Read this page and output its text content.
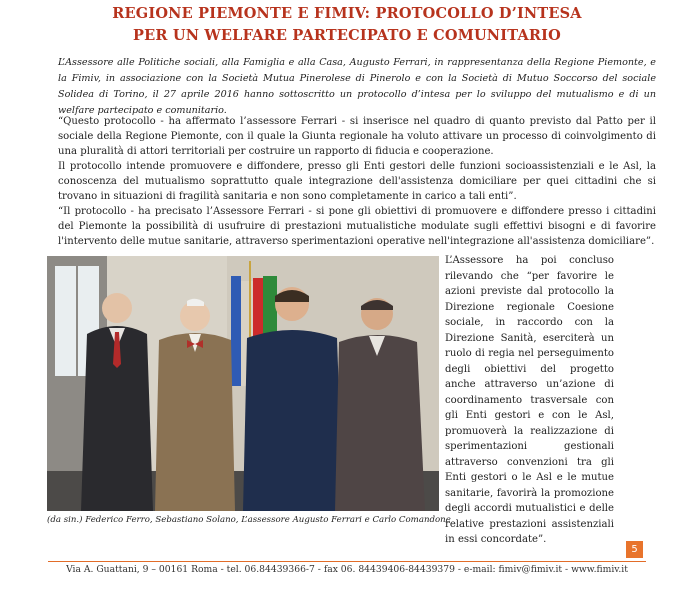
REGIONE PIEMONTE E FIMIV: PROTOCOLLO D’INTESA
PER UN WELFARE PARTECIPATO E COMUNITARIO
L’Assessore alle Politiche sociali, alla Famiglia e alla Casa, Augusto Ferrari, in rappresentanza della Regione Piemonte, e la Fimiv, in associazione con la Società Mutua Pinerolese di Pinerolo e con la Società di Mutuo Soccorso del sociale Solidea di Torino, il 27 aprile 2016 hanno sottoscritto un protocollo d’intesa per lo sviluppo del mutualismo e di un welfare partecipato e comunitario.

“Questo protocollo - ha affermato l’assessore Ferrari - si inserisce nel quadro di quanto previsto dal Patto per il sociale della Regione Piemonte, con il quale la Giunta regionale ha voluto attivare un processo di coinvolgimento di una pluralità di attori territoriali per costruire un rapporto di fiducia e cooperazione.

Il protocollo intende promuovere e diffondere, presso gli Enti gestori delle funzioni socioassistenziali e le Asl, la conoscenza del mutualismo soprattutto quale integrazione dell'assistenza domiciliare per quei cittadini che si trovano in situazioni di fragilità sanitaria e non sono completamente in carico a tali enti”.

“Il protocollo - ha precisato l’Assessore Ferrari - si pone gli obiettivi di promuovere e diffondere presso i cittadini del Piemonte la possibilità di usufruire di prestazioni mutualistiche modulate sugli effettivi bisogni e di favorire l'intervento delle mutue sanitarie, attraverso sperimentazioni operative nell'integrazione all'assistenza domiciliare”.

L’Assessore ha poi concluso rilevando che “per favorire le azioni previste dal protocollo la Direzione regionale Coesione sociale, in raccordo con la Direzione Sanità, eserciterà un ruolo di regia nel perseguimento degli obiettivi del progetto anche attraverso un’azione di coordinamento trasversale con gli Enti gestori e con le Asl, promuoverà la realizzazione di sperimentazioni gestionali attraverso convenzioni tra gli Enti gestori o le Asl e le mutue sanitarie, favorirà la promozione degli accordi mutualistici e delle relative prestazioni assistenziali in essi concordate”.
(da sin.) Federico Ferro, Sebastiano Solano, L’assessore Augusto Ferrari e Carlo Comandone
5
Via A. Guattani, 9 – 00161 Roma - tel. 06.84439366-7 - fax 06. 84439406-84439379 - e-mail: fimiv@fimiv.it - www.fimiv.it
